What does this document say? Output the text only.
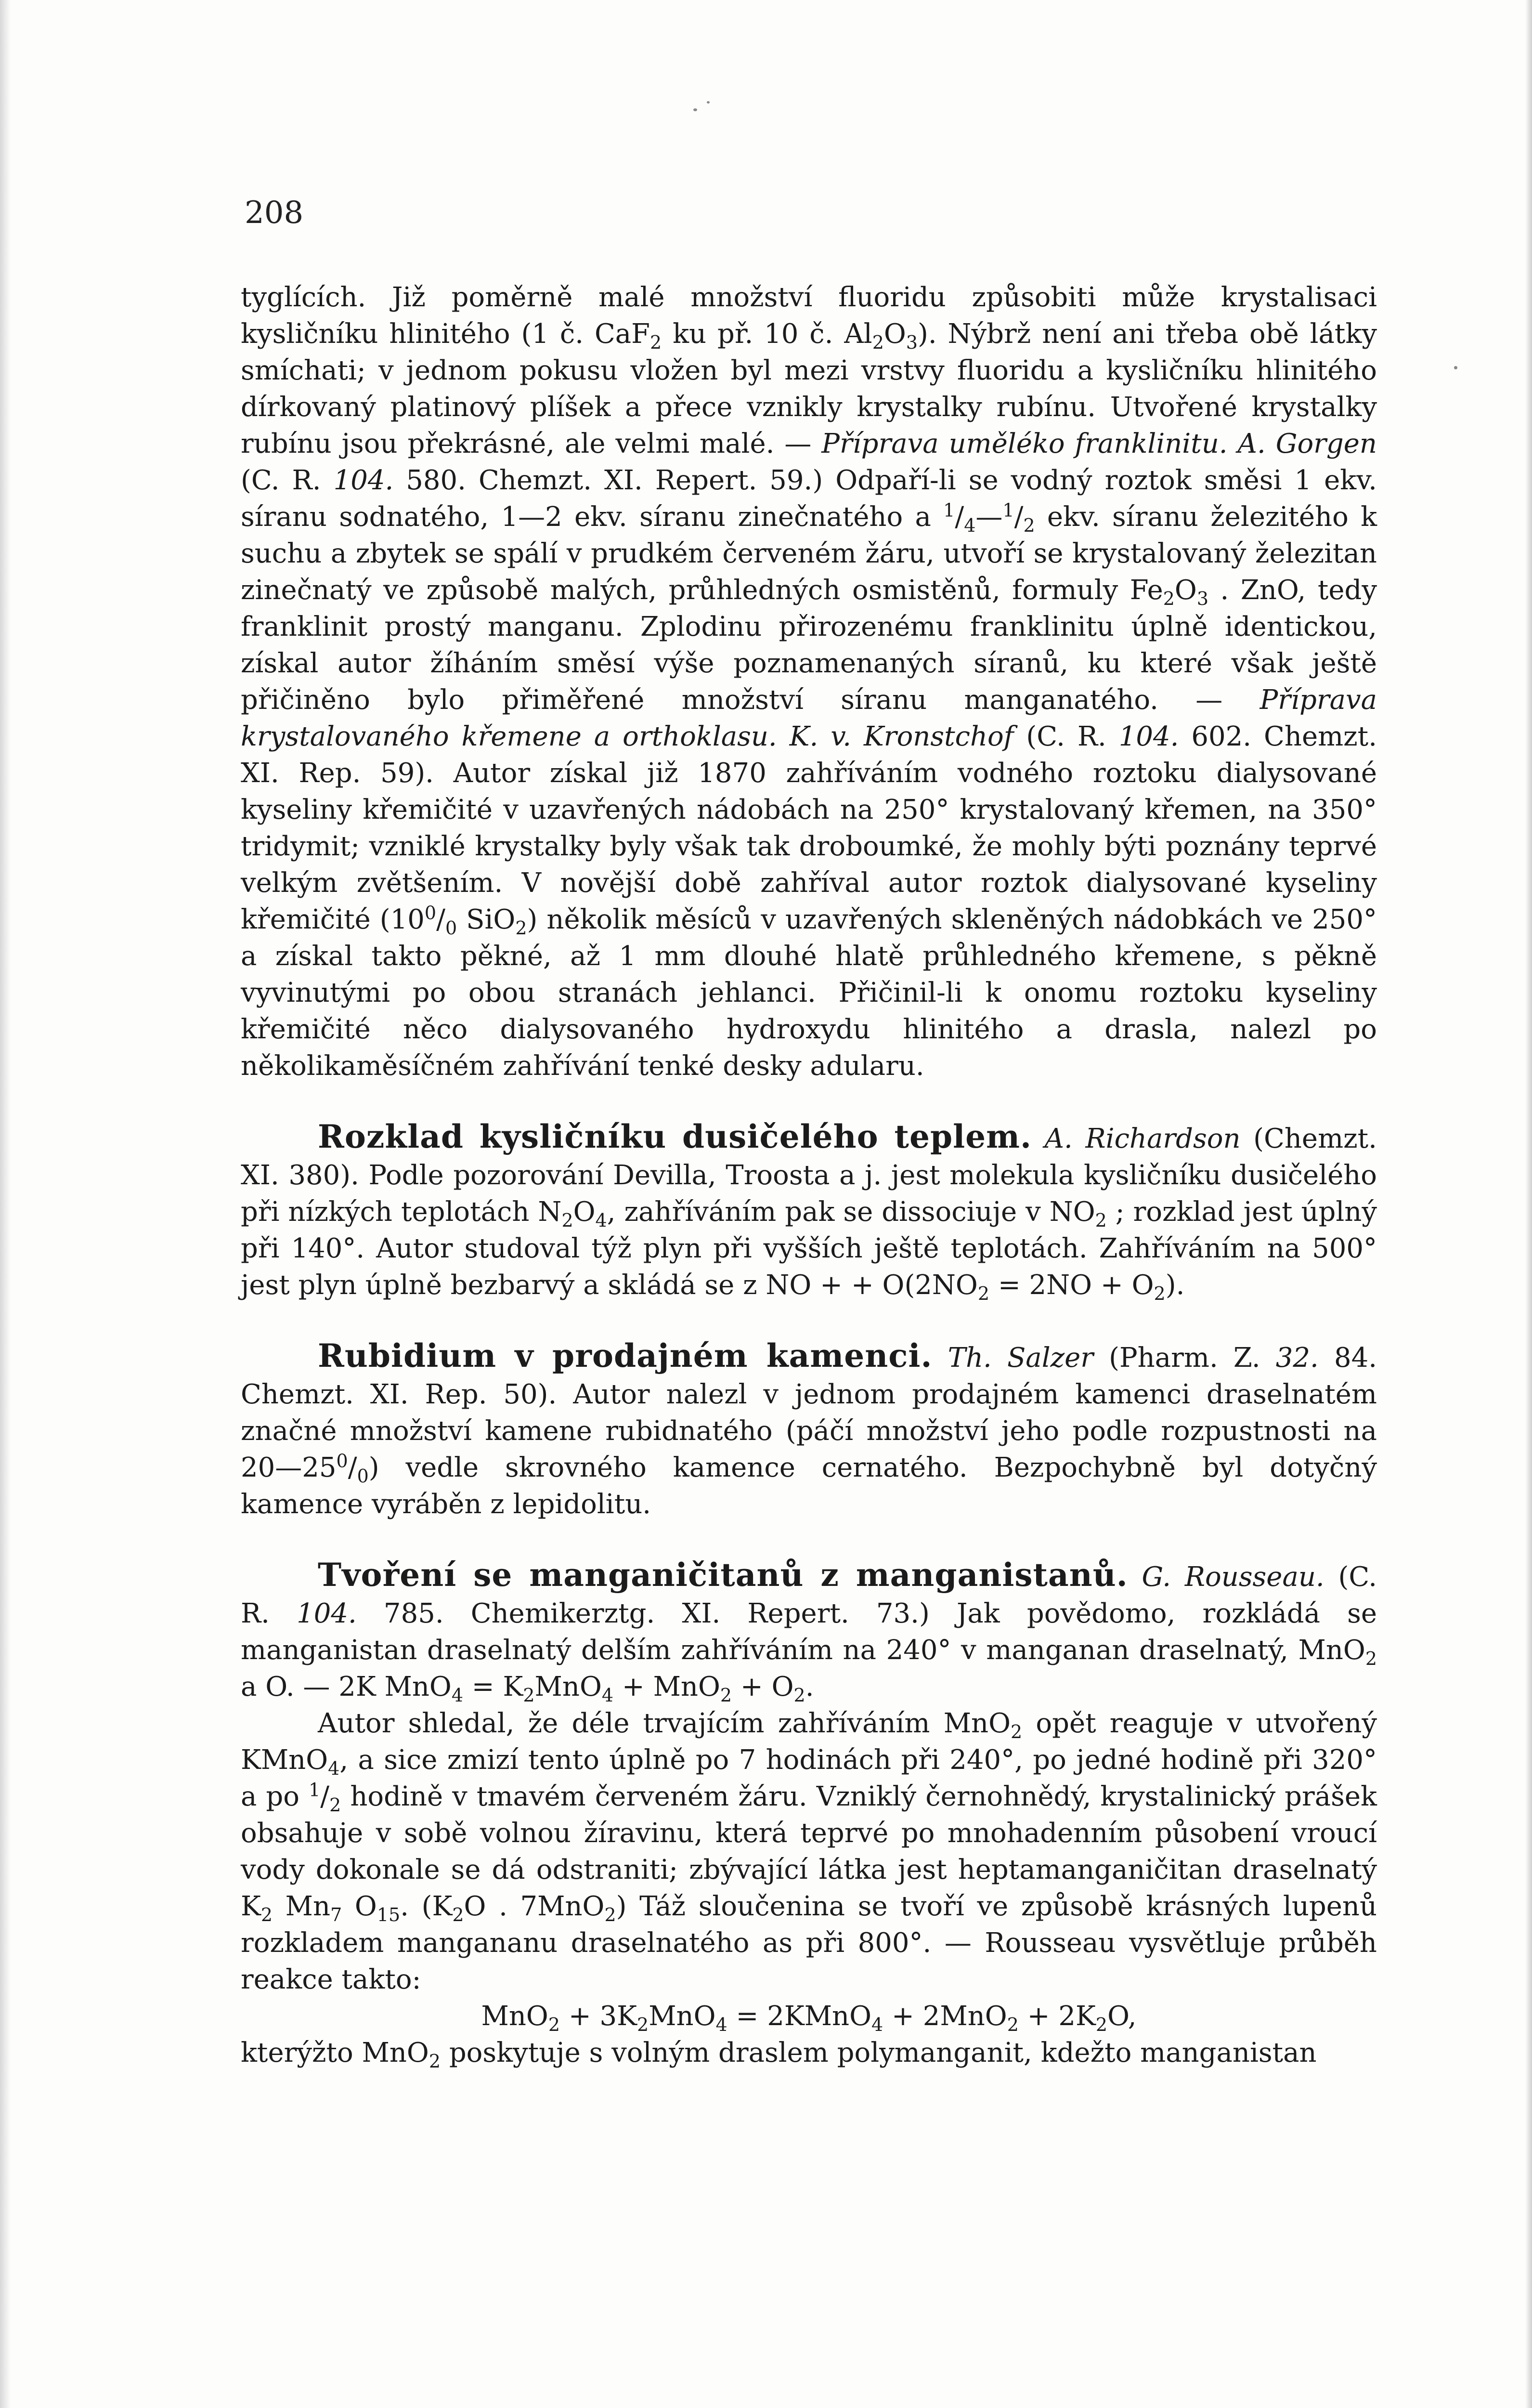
208

tyglících. Již poměrně malé množství fluoridu způsobiti může krystalisaci kysličníku hlinitého (1 č. CaF$_2$ ku př. 10 č. $Al_2O_3$). Nýbrž není ani třeba obě látky smíchati; v jednom pokusu vložen byl mezi vrstvy fluoridu a kysličníku hlinitého dírkovaný platinový plíšek a přece vznikly krystalky rubínu. Utvořené krystalky rubínu jsou překrásné, ale velmi malé. — Příprava uměléko franklinitu. A. Gorgen (C. R. 104. 580. Chemzt. XI. Repert. 59.) Odpaří-li se vodný roztok směsi 1 ekv. síranu sodnatého, 1—2 ekv. síranu zinečnatého a $^1/_4—^1/_2$ ekv. síranu železitého k suchu a zbytek se spálí v prudkém červeném žáru, utvoří se krystalovaný železitan zinečnatý ve způsobě malých, průhledných osmistěnů, formuly $Fe_2O_3$ . ZnO, tedy franklinit prostý manganu. Zplodinu přirozenému franklinitu úplně identickou, získal autor žíháním směsí výše poznamenaných síranů, ku které však ještě přičiněno bylo přiměřené množství síranu manganatého. — Příprava krystalovaného křemene a orthoklasu. K. v. Kronstchof (C. R. 104. 602. Chemzt. XI. Rep. 59). Autor získal již 1870 zahříváním vodného roztoku dialysované kyseliny křemičité v uzavřených nádobách na 250° krystalovaný křemen, na 350° tridymit; vzniklé krystalky byly však tak droboumké, že mohly býti poznány teprvé velkým zvětšením. V novější době zahříval autor roztok dialysované kyseliny křemičité ($10^0/_0$ SiO$_2$) několik měsíců v uzavřených skleněných nádobkách ve 250° a získal takto pěkné, až 1 mm dlouhé hlatě průhledného křemene, s pěkně vyvinutými po obou stranách jehlanci. Přičinil-li k onomu roztoku kyseliny křemičité něco dialysovaného hydroxydu hlinitého a drasla, nalezl po několikaměsíčném zahřívání tenké desky adularu.

Rozklad kysličníku dusičelého teplem. A. Richardson (Chemzt. XI. 380). Podle pozorování Devilla, Troosta a j. jest molekula kysličníku dusičelého při nízkých teplotách $N_2O_4$, zahříváním pak se dissociuje v $NO_2$ ; rozklad jest úplný při 140°. Autor studoval týž plyn při vyšších ještě teplotách. Zahříváním na 500° jest plyn úplně bezbarvý a skládá se z NO + + $O(2NO_2 = 2NO + O_2)$.

Rubidium v prodajném kamenci. Th. Salzer (Pharm. Z. 32. 84. Chemzt. XI. Rep. 50). Autor nalezl v jednom prodajném kamenci draselnatém značné množství kamene rubidnatého (páčí množství jeho podle rozpustnosti na $20—25^0/_0$) vedle skrovného kamence cernatého. Bezpochybně byl dotyčný kamence vyráběn z lepidolitu.

Tvoření se manganičitanů z manganistanů. G. Rousseau. (C. R. 104. 785. Chemikerztg. XI. Repert. 73.) Jak povědomo, rozkládá se manganistan draselnatý delším zahříváním na 240° v manganan draselnatý, MnO$_2$ a O. — 2K $MnO_4 = K_2MnO_4 + MnO_2 + O_2$.

Autor shledal, že déle trvajícím zahříváním MnO$_2$ opět reaguje v utvořený KMnO$_4$, a sice zmizí tento úplně po 7 hodinách při 240°, po jedné hodině při 320° a po $^1/_2$ hodině v tmavém červeném žáru. Vzniklý černohnědý, krystalinický prášek obsahuje v sobě volnou žíravinu, která teprvé po mnohadenním působení vroucí vody dokonale se dá odstraniti; zbývající látka jest heptamanganičitan draselnatý $K_2$ $Mn_7$ $O_{15}$. ($K_2O$ . 7MnO$_2$) Táž sloučenina se tvoří ve způsobě krásných lupenů rozkladem mangananu draselnatého as při 800°. — Rousseau vysvětluje průběh reakce takto:

$MnO_2 + 3K_2MnO_4$ = 2KMnO$_4$ + $2MnO_2 + 2K_2O$,

kterýžto MnO$_2$ poskytuje s volným draslem polymanganit, kdežto manganistan
